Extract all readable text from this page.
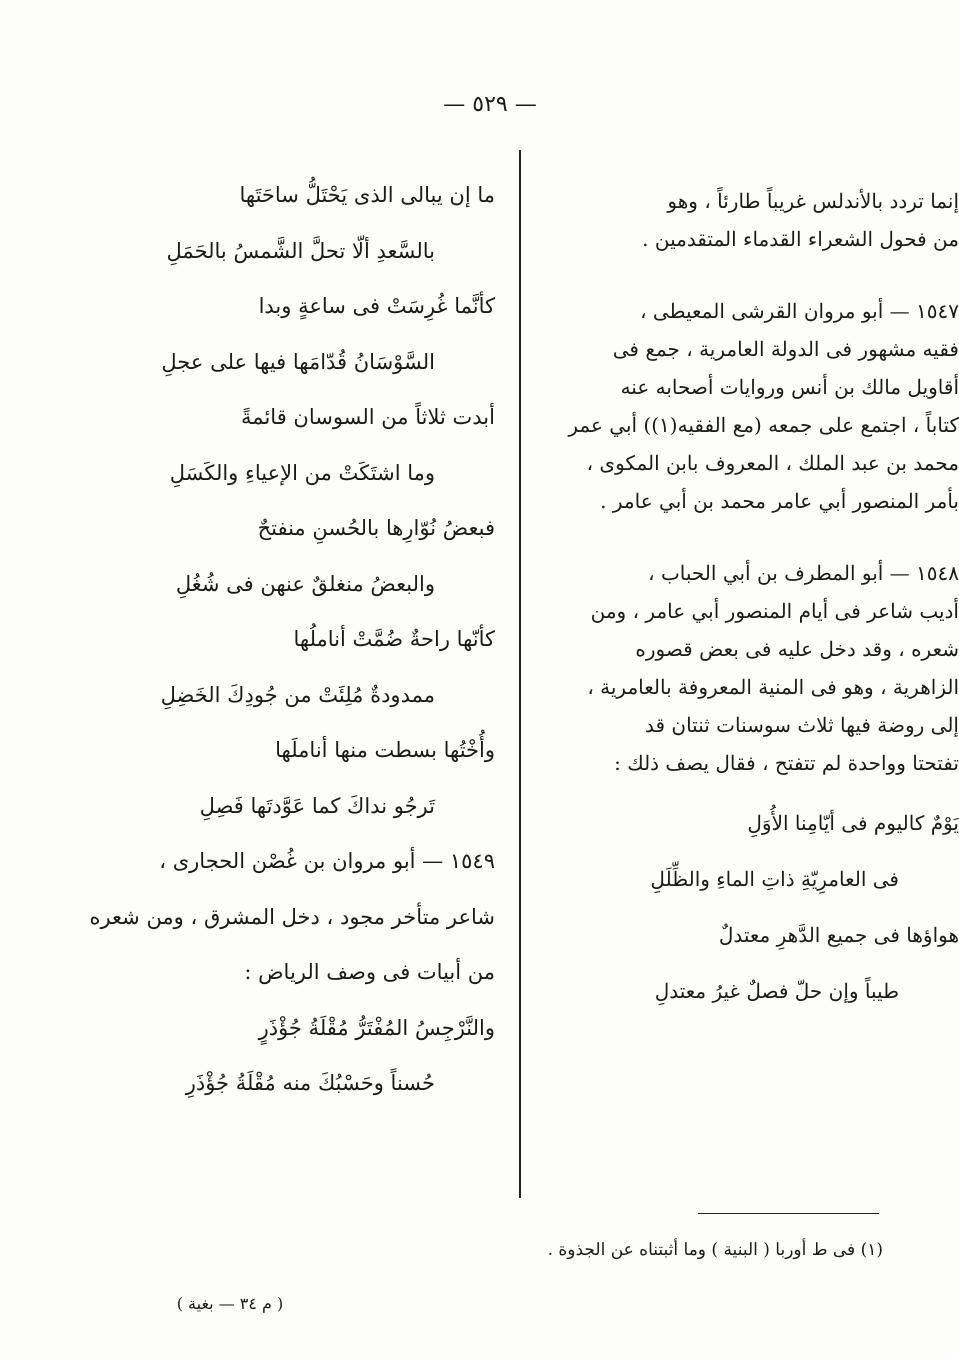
— ٥٢٩ —
إنما تردد بالأندلس غريباً طارئاً ، وهو
من فحول الشعراء القدماء المتقدمين .
١٥٤٧ — أبو مروان القرشى المعيطى ،
فقيه مشهور فى الدولة العامرية ، جمع فى
أقاويل مالك بن أنس وروايات أصحابه عنه
كتاباً ، اجتمع على جمعه (مع الفقيه(١)) أبي عمر
محمد بن عبد الملك ، المعروف بابن المكوى ،
بأمر المنصور أبي عامر محمد بن أبي عامر .
١٥٤٨ — أبو المطرف بن أبي الحباب ،
أديب شاعر فى أيام المنصور أبي عامر ، ومن
شعره ، وقد دخل عليه فى بعض قصوره
الزاهرية ، وهو فى المنية المعروفة بالعامرية ،
إلى روضة فيها ثلاث سوسنات ثنتان قد
تفتحتا وواحدة لم تتفتح ، فقال يصف ذلك :
يَوْمٌ كاليوم فى أيّامِنا الأُوَلِ
فى العامرِيّةِ ذاتِ الماءِ والظِّلَلِ
هواؤها فى جميع الدَّهرِ معتدلٌ
طيباً وإن حلّ فصلٌ غيرُ معتدلِ
ما إن يبالى الذى يَحْتَلُّ ساحَتَها
بالسَّعدِ ألّا تحلَّ الشَّمسُ بالحَمَلِ
كأنَّما غُرِسَتْ فى ساعةٍ وبدا
السَّوْسَانُ قُدّامَها فيها على عجلِ
أبدت ثلاثاً من السوسان قائمةً
وما اشتَكَتْ من الإعياءِ والكَسَلِ
فبعضُ نُوّارِها بالحُسنِ منفتحٌ
والبعضُ منغلقٌ عنهن فى شُغُلِ
كأنّها راحةٌ ضُمَّتْ أناملُها
ممدودةٌ مُلِئَتْ من جُودِكَ الخَضِلِ
وأُخْتُها بسطت منها أناملَها
تَرجُو نداكَ كما عَوَّدتَها فَصِلِ
١٥٤٩ — أبو مروان بن غُصْن الحجارى ،
شاعر متأخر مجود ، دخل المشرق ، ومن شعره
من أبيات فى وصف الرياض :
والنَّرْجِسُ المُفْتَرُّ مُقْلَةُ جُؤْذَرٍ
حُسناً وحَسْبُكَ منه مُقْلَةُ جُؤْذَرِ
(١) فى ط أوربا ( البنية ) وما أثبتناه عن الجذوة .
( م ٣٤ — بغية )
